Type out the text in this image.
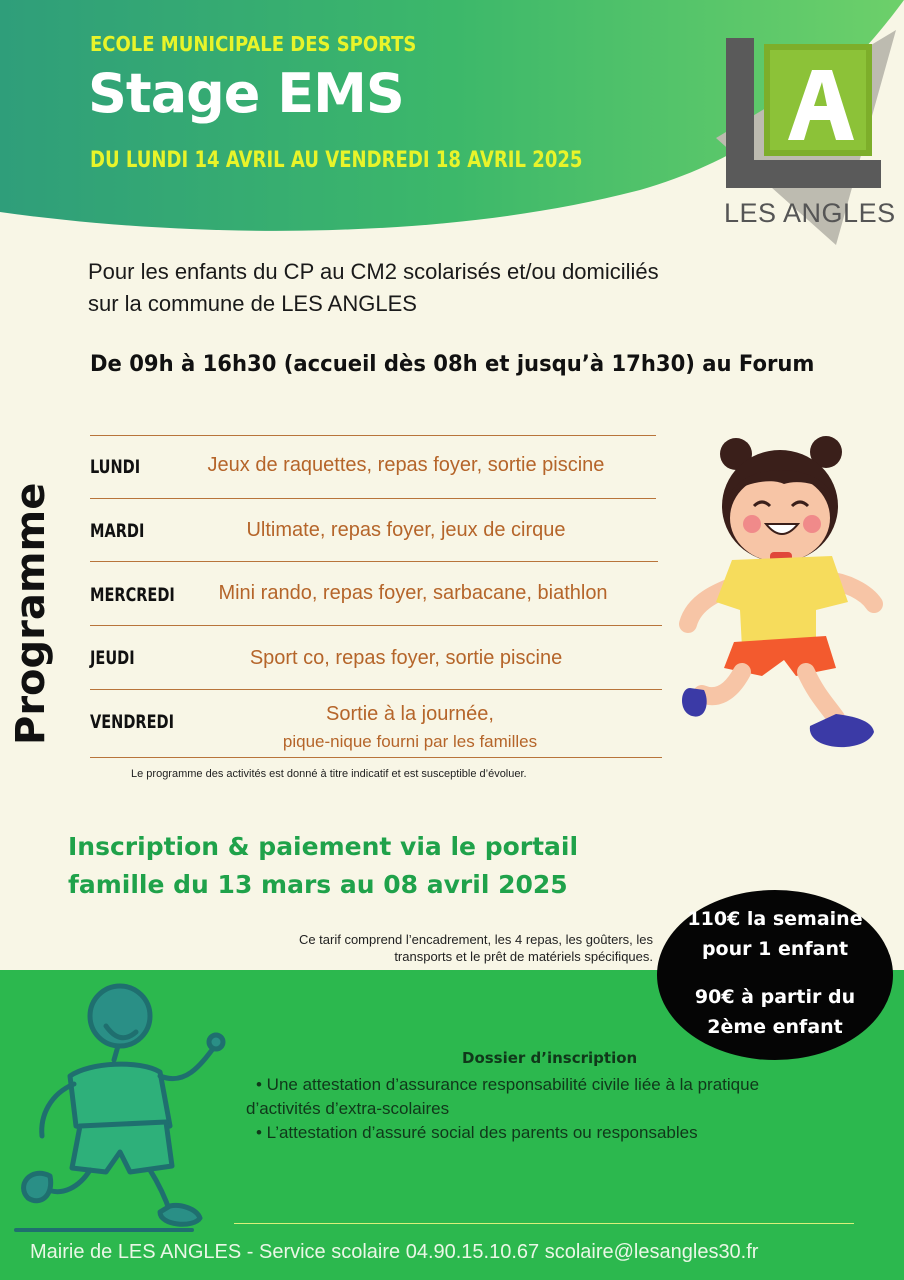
ECOLE MUNICIPALE DES SPORTS
Stage EMS
DU LUNDI 14 AVRIL AU VENDREDI 18 AVRIL 2025
LES ANGLES
Pour les enfants du CP au CM2 scolarisés et/ou domiciliés
sur la commune de LES ANGLES
De 09h à 16h30 (accueil dès 08h et jusqu’à 17h30) au Forum
Programme
LUNDI	Jeux de raquettes, repas foyer, sortie piscine
MARDI	Ultimate, repas foyer, jeux de cirque
MERCREDI	Mini rando, repas foyer, sarbacane, biathlon
JEUDI	Sport co, repas foyer, sortie piscine
VENDREDI	Sortie à la journée,
pique-nique fourni par les familles
Le programme des activités est donné à titre indicatif et est susceptible d’évoluer.
Inscription & paiement via le portail
famille du 13 mars au 08 avril 2025
Ce tarif comprend l’encadrement, les 4 repas, les goûters, les
transports et le prêt de matériels spécifiques.
Dossier d’inscription

• Une attestation d’assurance responsabilité civile liée à la pratique

d’activités d’extra-scolaires

• L’attestation d’assuré social des parents ou responsables

Mairie de LES ANGLES - Service scolaire 04.90.15.10.67 scolaire@lesangles30.fr
110€ la semaine
pour 1 enfant
90€ à partir du
2ème enfant
